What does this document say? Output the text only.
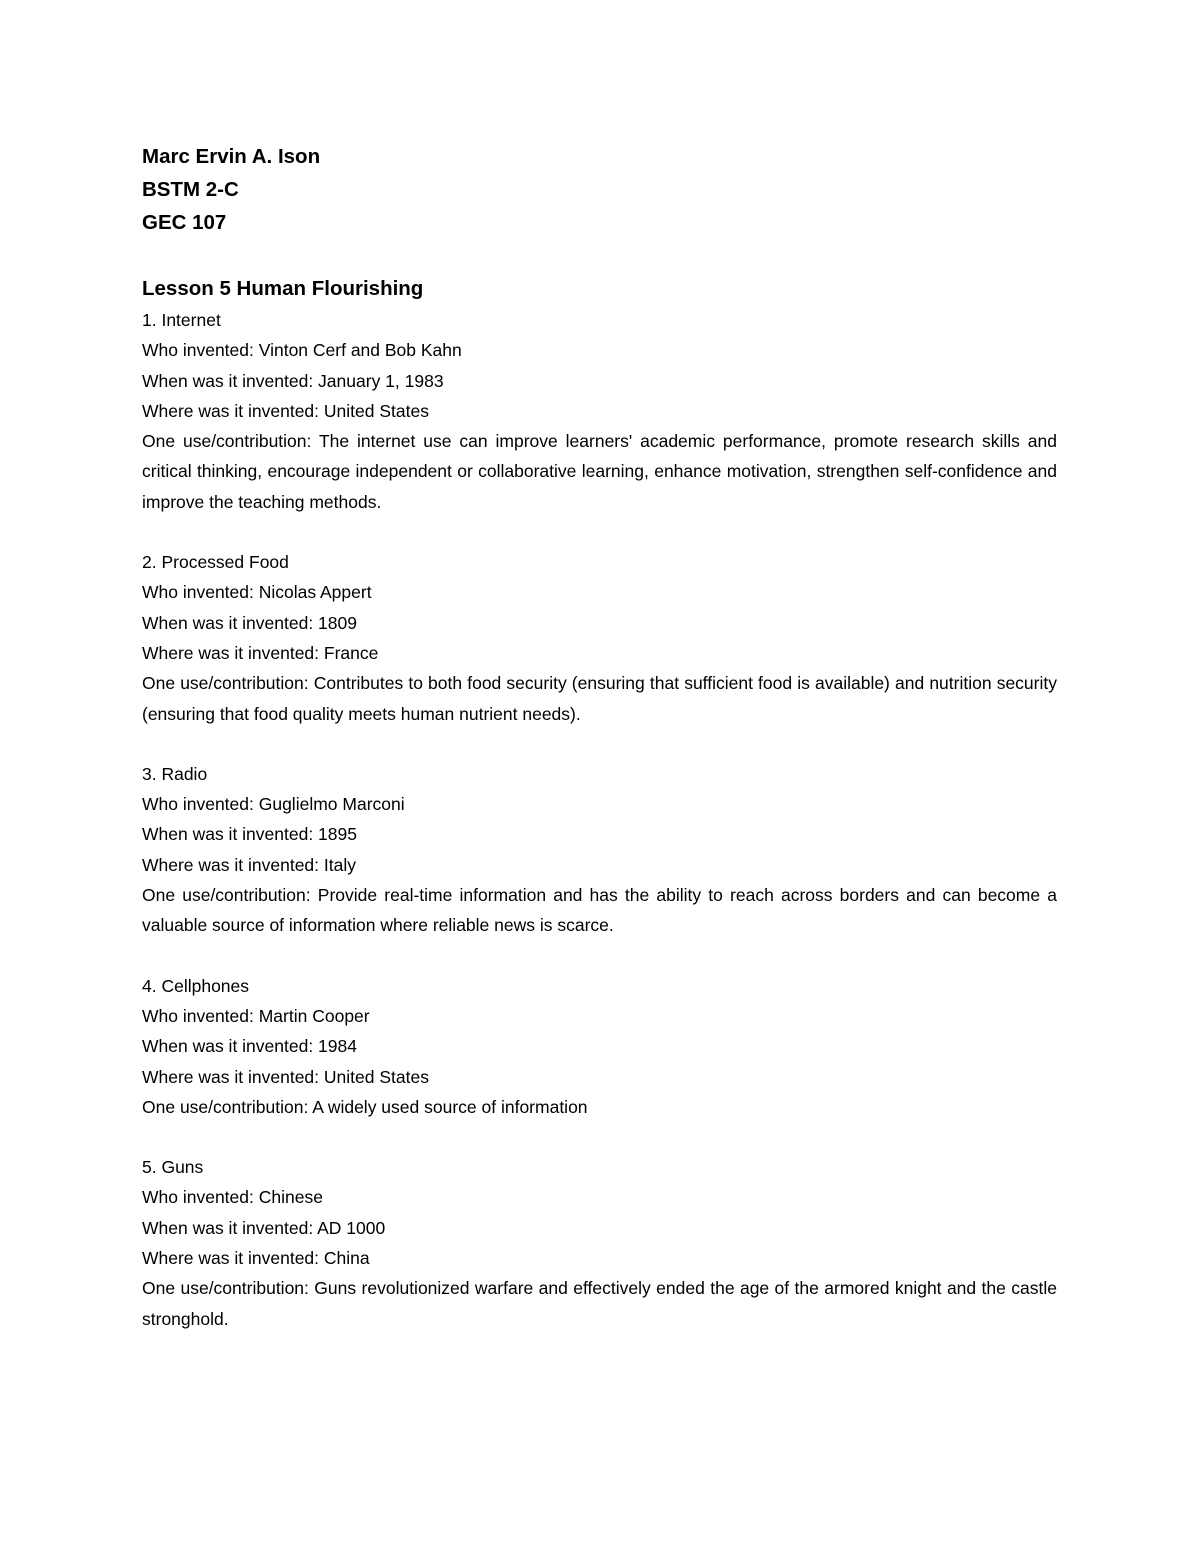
Marc Ervin A. Ison
BSTM 2-C
GEC 107
Lesson 5 Human Flourishing
1. Internet
Who invented: Vinton Cerf and Bob Kahn
When was it invented: January 1, 1983
Where was it invented: United States
One use/contribution: The internet use can improve learners' academic performance, promote research skills and critical thinking, encourage independent or collaborative learning, enhance motivation, strengthen self-confidence and improve the teaching methods.
2. Processed Food
Who invented: Nicolas Appert
When was it invented: 1809
Where was it invented: France
One use/contribution: Contributes to both food security (ensuring that sufficient food is available) and nutrition security (ensuring that food quality meets human nutrient needs).
3. Radio
Who invented: Guglielmo Marconi
When was it invented: 1895
Where was it invented: Italy
One use/contribution: Provide real-time information and has the ability to reach across borders and can become a valuable source of information where reliable news is scarce.
4. Cellphones
Who invented: Martin Cooper
When was it invented: 1984
Where was it invented: United States
One use/contribution: A widely used source of information
5. Guns
Who invented: Chinese
When was it invented: AD 1000
Where was it invented: China
One use/contribution: Guns revolutionized warfare and effectively ended the age of the armored knight and the castle stronghold.
